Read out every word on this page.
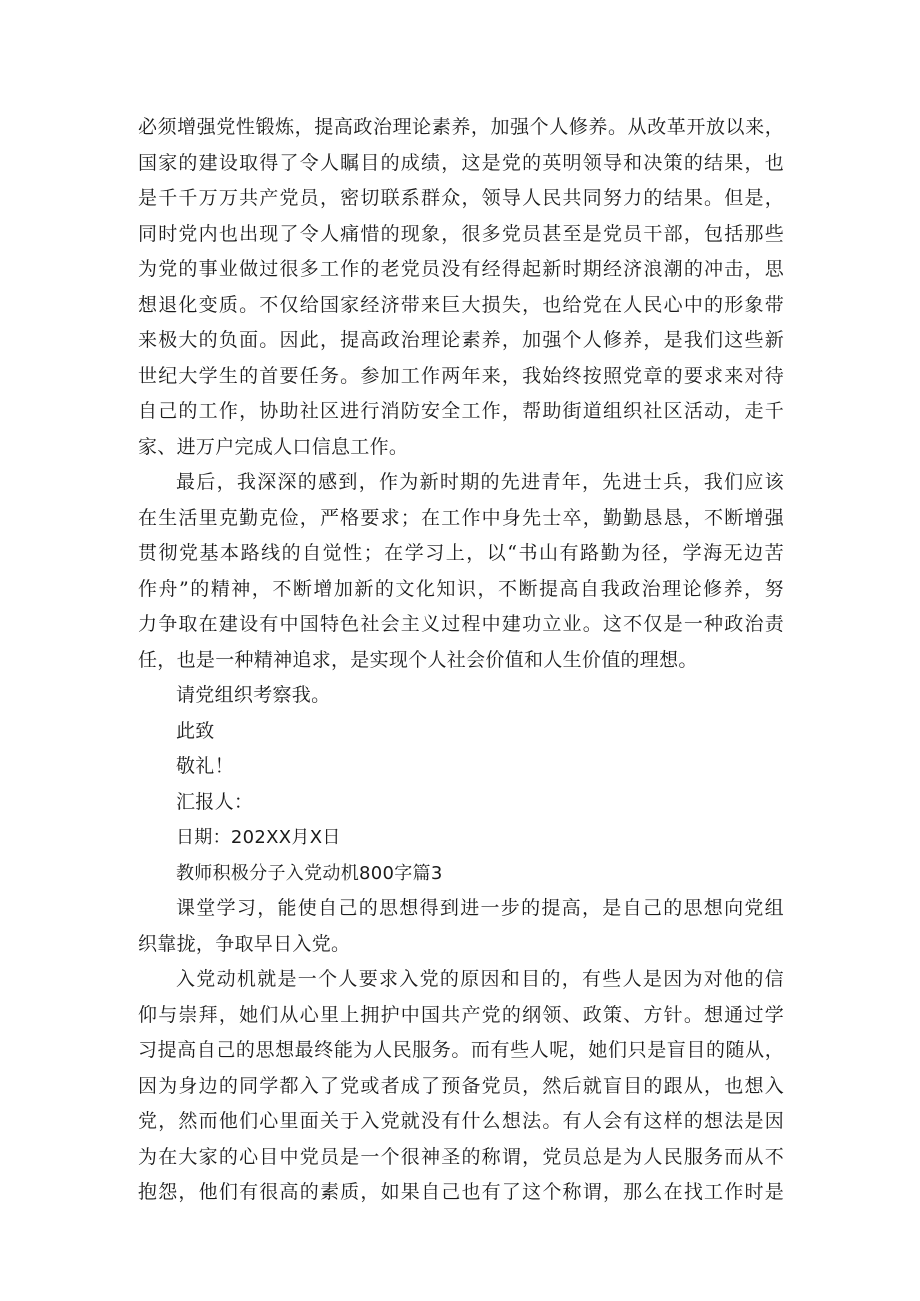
必须增强党性锻炼，提高政治理论素养，加强个人修养。从改革开放以来，
国家的建设取得了令人瞩目的成绩，这是党的英明领导和决策的结果，也
是千千万万共产党员，密切联系群众，领导人民共同努力的结果。但是，
同时党内也出现了令人痛惜的现象，很多党员甚至是党员干部，包括那些
为党的事业做过很多工作的老党员没有经得起新时期经济浪潮的冲击，思
想退化变质。不仅给国家经济带来巨大损失，也给党在人民心中的形象带
来极大的负面。因此，提高政治理论素养，加强个人修养，是我们这些新
世纪大学生的首要任务。参加工作两年来，我始终按照党章的要求来对待
自己的工作，协助社区进行消防安全工作，帮助街道组织社区活动，走千
家、进万户完成人口信息工作。
最后，我深深的感到，作为新时期的先进青年，先进士兵，我们应该
在生活里克勤克俭，严格要求；在工作中身先士卒，勤勤恳恳，不断增强
贯彻党基本路线的自觉性；在学习上，以“书山有路勤为径，学海无边苦
作舟”的精神，不断增加新的文化知识，不断提高自我政治理论修养，努
力争取在建设有中国特色社会主义过程中建功立业。这不仅是一种政治责
任，也是一种精神追求，是实现个人社会价值和人生价值的理想。
请党组织考察我。
此致
敬礼！
汇报人：
日期：202XX月X日
教师积极分子入党动机800字篇3
课堂学习，能使自己的思想得到进一步的提高，是自己的思想向党组
织靠拢，争取早日入党。
入党动机就是一个人要求入党的原因和目的，有些人是因为对他的信
仰与崇拜，她们从心里上拥护中国共产党的纲领、政策、方针。想通过学
习提高自己的思想最终能为人民服务。而有些人呢，她们只是盲目的随从，
因为身边的同学都入了党或者成了预备党员，然后就盲目的跟从，也想入
党，然而他们心里面关于入党就没有什么想法。有人会有这样的想法是因
为在大家的心目中党员是一个很神圣的称谓，党员总是为人民服务而从不
抱怨，他们有很高的素质，如果自己也有了这个称谓，那么在找工作时是
